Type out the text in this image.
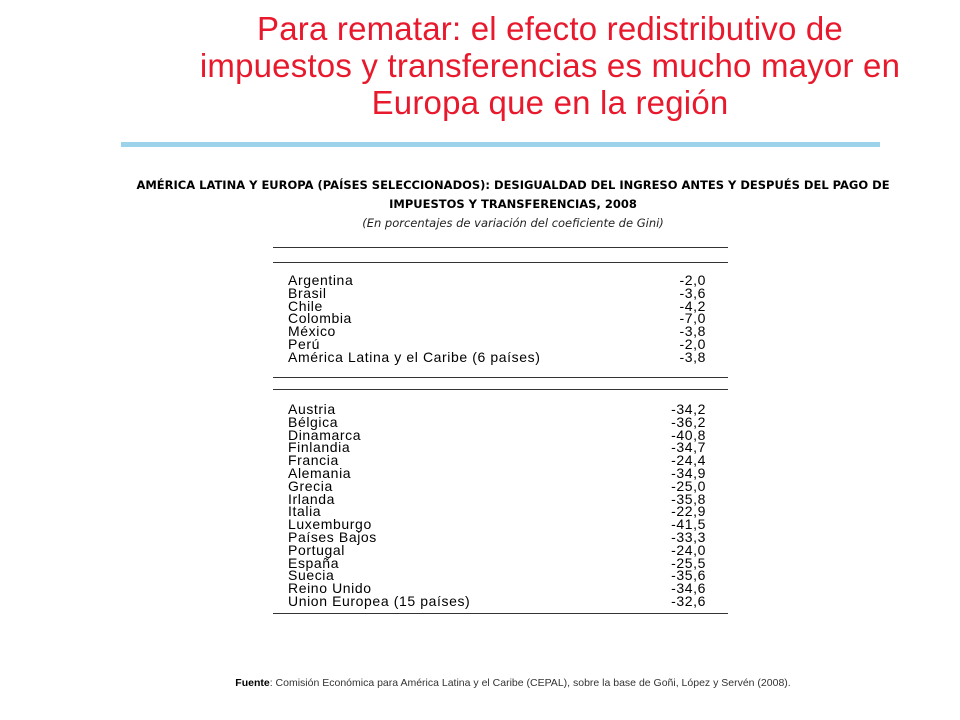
Para rematar: el efecto redistributivo de impuestos y transferencias es mucho mayor en Europa que en la región
AMÉRICA LATINA Y EUROPA (PAÍSES SELECCIONADOS): DESIGUALDAD DEL INGRESO ANTES Y DESPUÉS DEL PAGO DE IMPUESTOS Y TRANSFERENCIAS, 2008
(En porcentajes de variación del coeficiente de Gini)
Argentina	-2,0
Brasil	-3,6
Chile	-4,2
Colombia	-7,0
México	-3,8
Perú	-2,0
América Latina y el Caribe (6 países)	-3,8
Austria	-34,2
Bélgica	-36,2
Dinamarca	-40,8
Finlandia	-34,7
Francia	-24,4
Alemania	-34,9
Grecia	-25,0
Irlanda	-35,8
Italia	-22,9
Luxemburgo	-41,5
Países Bajos	-33,3
Portugal	-24,0
España	-25,5
Suecia	-35,6
Reino Unido	-34,6
Union Europea (15 países)	-32,6
Fuente: Comisión Económica para América Latina y el Caribe (CEPAL), sobre la base de Goñi, López y Servén (2008).
